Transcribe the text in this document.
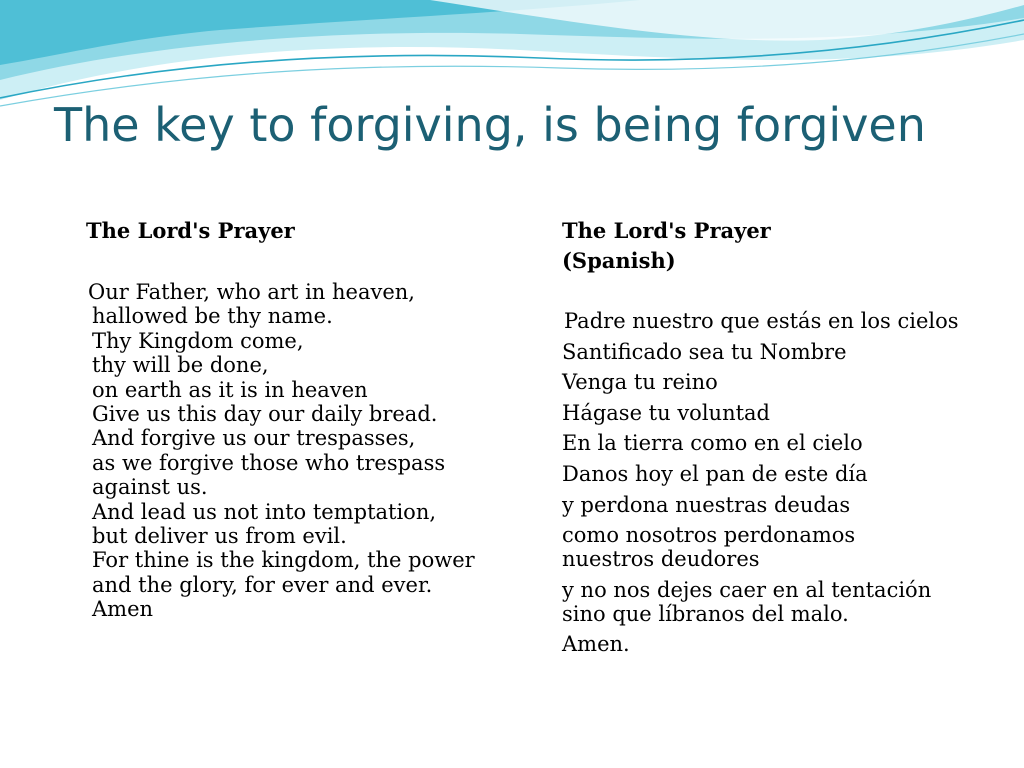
The key to forgiving, is being forgiven
The Lord's Prayer
Our Father, who art in heaven,
hallowed be thy name.
Thy Kingdom come,
thy will be done,
on earth as it is in heaven
Give us this day our daily bread.
And forgive us our trespasses,
as we forgive those who trespass
against us.
And lead us not into temptation,
but deliver us from evil.
For thine is the kingdom, the power
and the glory, for ever and ever.
Amen
The Lord's Prayer
(Spanish)
Padre nuestro que estás en los cielos
Santificado sea tu Nombre
Venga tu reino
Hágase tu voluntad
En la tierra como en el cielo
Danos hoy el pan de este día
y perdona nuestras deudas
como nosotros perdonamos
nuestros deudores
y no nos dejes caer en al tentación
sino que líbranos del malo.
Amen.
